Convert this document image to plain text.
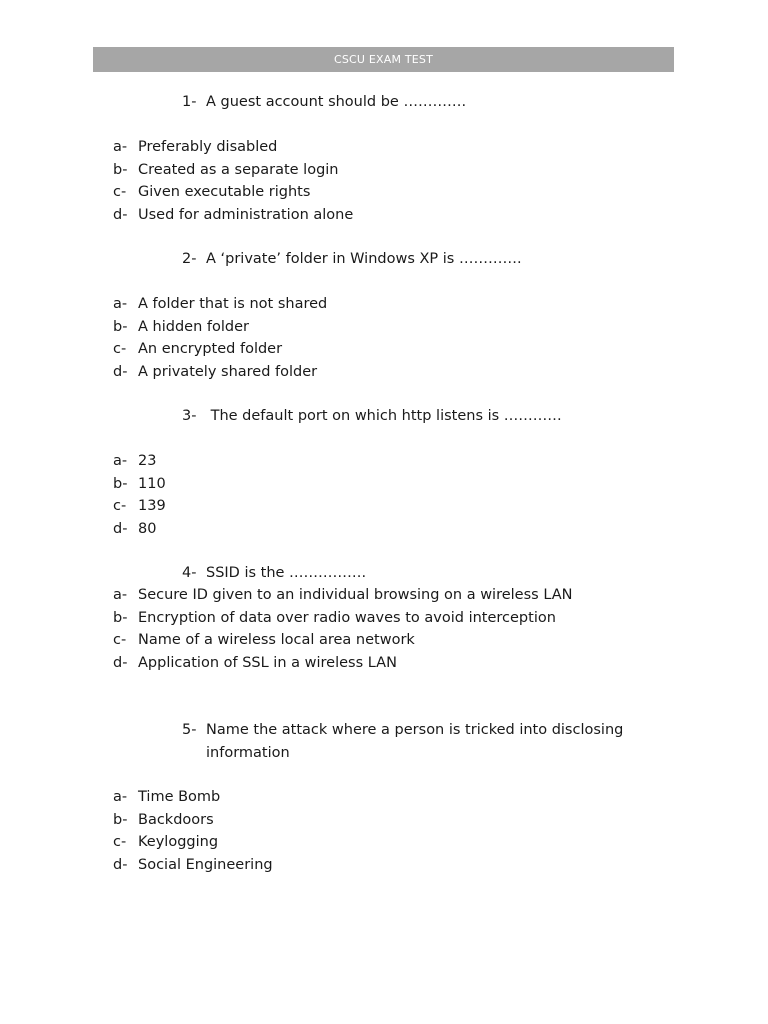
CSCU EXAM TEST
1- A guest account should be ………….
a- Preferably disabled
b- Created as a separate login
c- Given executable rights
d- Used for administration alone
2- A ‘private’ folder in Windows XP is ………….
a- A folder that is not shared
b- A hidden folder
c- An encrypted folder
d- A privately shared folder
3- The default port on which http listens is …………
a- 23
b- 110
c- 139
d- 80
4- SSID is the …………….
a- Secure ID given to an individual browsing on a wireless LAN
b- Encryption of data over radio waves to avoid interception
c- Name of a wireless local area network
d- Application of SSL in a wireless LAN
5- Name the attack where a person is tricked into disclosing information
a- Time Bomb
b- Backdoors
c- Keylogging
d- Social Engineering
